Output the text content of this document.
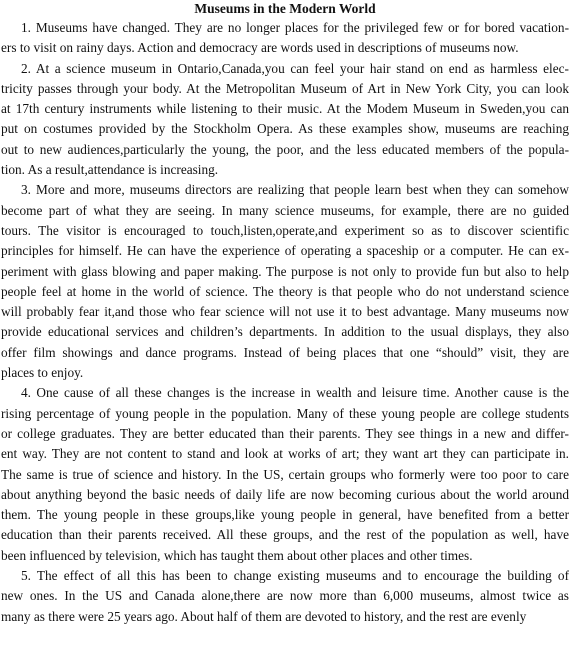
Museums in the Modern World
1. Museums have changed. They are no longer places for the privileged few or for bored vacation-
ers to visit on rainy days. Action and democracy are words used in descriptions of museums now.
2. At a science museum in Ontario,Canada,you can feel your hair stand on end as harmless elec-
tricity passes through your body. At the Metropolitan Museum of Art in New York City, you can look
at 17th century instruments while listening to their music. At the Modem Museum in Sweden,you can
put on costumes provided by the Stockholm Opera. As these examples show, museums are reaching
out to new audiences,particularly the young, the poor, and the less educated members of the popula-
tion. As a result,attendance is increasing.
3. More and more, museums directors are realizing that people learn best when they can somehow
become part of what they are seeing. In many science museums, for example, there are no guided
tours. The visitor is encouraged to touch,listen,operate,and experiment so as to discover scientific
principles for himself. He can have the experience of operating a spaceship or a computer. He can ex-
periment with glass blowing and paper making. The purpose is not only to provide fun but also to help
people feel at home in the world of science. The theory is that people who do not understand science
will probably fear it,and those who fear science will not use it to best advantage. Many museums now
provide educational services and children’s departments. In addition to the usual displays, they also
offer film showings and dance programs. Instead of being places that one “should” visit, they are
places to enjoy.
4. One cause of all these changes is the increase in wealth and leisure time. Another cause is the
rising percentage of young people in the population. Many of these young people are college students
or college graduates. They are better educated than their parents. They see things in a new and differ-
ent way. They are not content to stand and look at works of art; they want art they can participate in.
The same is true of science and history. In the US, certain groups who formerly were too poor to care
about anything beyond the basic needs of daily life are now becoming curious about the world around
them. The young people in these groups,like young people in general, have benefited from a better
education than their parents received. All these groups, and the rest of the population as well, have
been influenced by television, which has taught them about other places and other times.
5. The effect of all this has been to change existing museums and to encourage the building of
new ones. In the US and Canada alone,there are now more than 6,000 museums, almost twice as
many as there were 25 years ago. About half of them are devoted to history, and the rest are evenly
